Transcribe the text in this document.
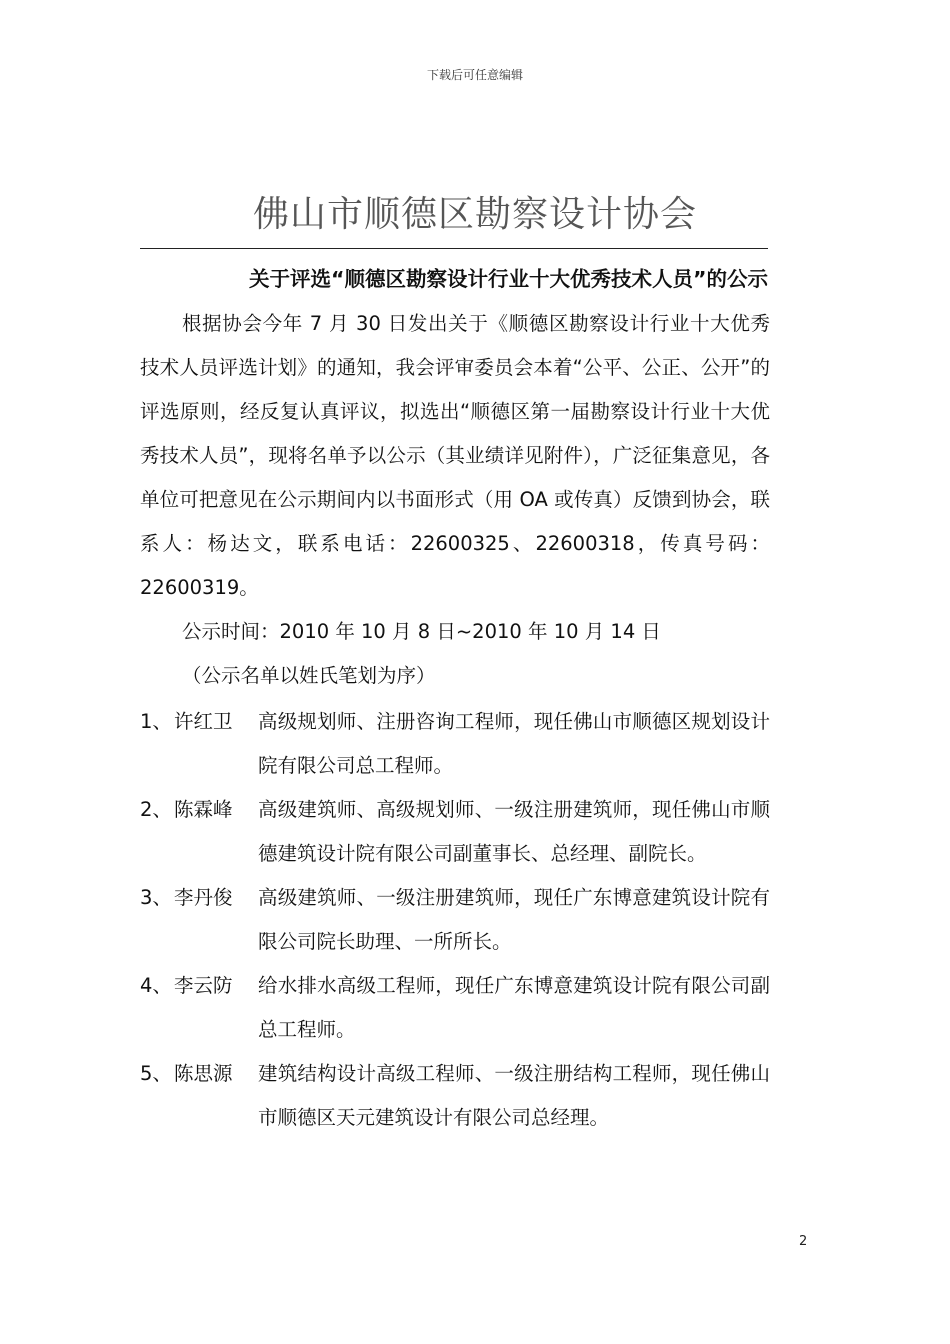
下载后可任意编辑
佛山市顺德区勘察设计协会
关于评选“顺德区勘察设计行业十大优秀技术人员”的公示

根据协会今年 7 月 30 日发出关于《顺德区勘察设计行业十大优秀技术人员评选计划》的通知，我会评审委员会本着“公平、公正、公开”的评选原则，经反复认真评议，拟选出“顺德区第一届勘察设计行业十大优秀技术人员”，现将名单予以公示（其业绩详见附件），广泛征集意见，各单位可把意见在公示期间内以书面形式（用 OA 或传真）反馈到协会，联系人：杨达文，联系电话：22600325、22600318，传真号码：22600319。

公示时间：2010 年 10 月 8 日~2010 年 10 月 14 日

（公示名单以姓氏笔划为序）

1、 许红卫	高级规划师、注册咨询工程师，现任佛山市顺德区规划设计院有限公司总工程师。
2、 陈霖峰	高级建筑师、高级规划师、一级注册建筑师，现任佛山市顺德建筑设计院有限公司副董事长、总经理、副院长。
3、 李丹俊	高级建筑师、一级注册建筑师，现任广东博意建筑设计院有限公司院长助理、一所所长。
4、 李云防	给水排水高级工程师，现任广东博意建筑设计院有限公司副总工程师。
5、 陈思源	建筑结构设计高级工程师、一级注册结构工程师，现任佛山市顺德区天元建筑设计有限公司总经理。
2
